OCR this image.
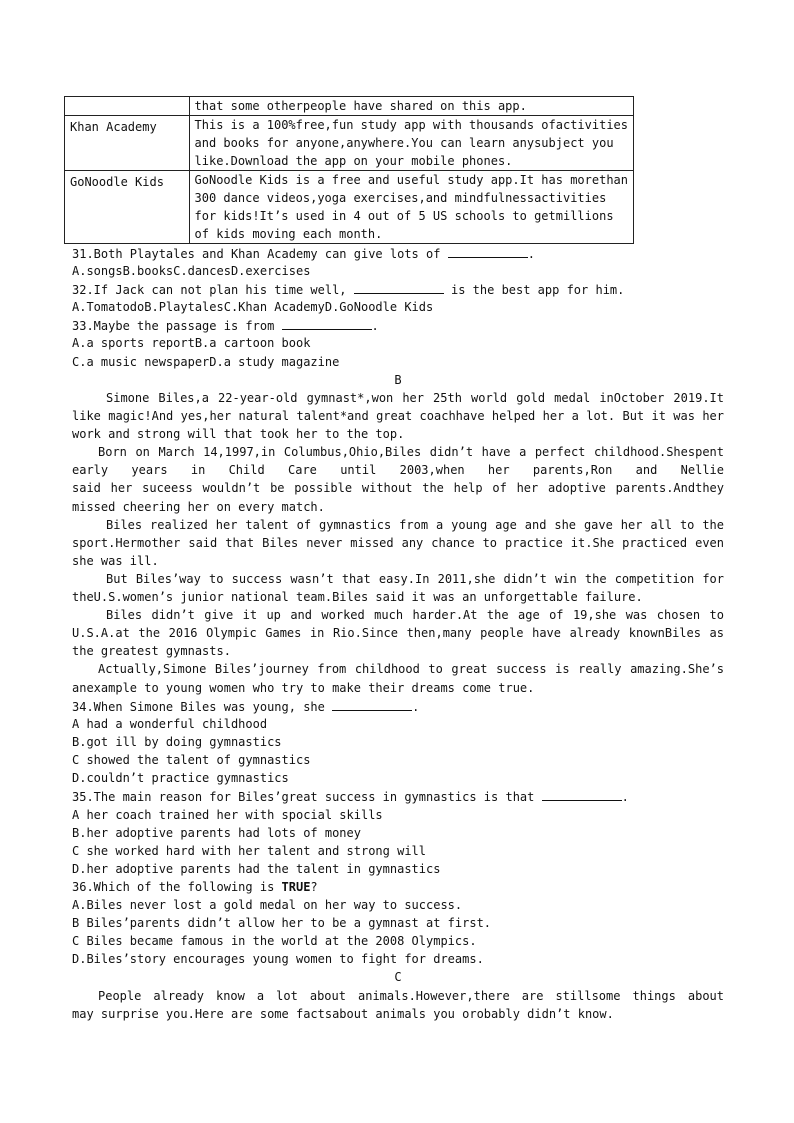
	that some otherpeople have shared on this app.

Khan Academy	This is a 100%free,fun study app with thousands ofactivities
and books for anyone,anywhere.You can learn anysubject you
like.Download the app on your mobile phones.

GoNoodle Kids	GoNoodle Kids is a free and useful study app.It has morethan
300 dance videos,yoga exercises,and mindfulnessactivities
for kids!It’s used in 4 out of 5 US schools to getmillions
of kids moving each month.
31.Both Playtales and Khan Academy can give lots of	.
A.songsB.booksC.dancesD.exercises
32.If Jack can not plan his time well,	is the best app for him.
A.TomatodoB.PlaytalesC.Khan AcademyD.GoNoodle Kids
33.Maybe the passage is from	.
A.a sports reportB.a cartoon book
C.a music newspaperD.a study magazine
B
Simone Biles,a 22-year-old gymnast*,won her 25th world gold medal inOctober 2019.It
like magic!And yes,her natural talent*and great coachhave helped her a lot. But it was her
work and strong will that took her to the top.
Born on March 14,1997,in Columbus,Ohio,Biles didn’t have a perfect childhood.Shespent
early years in Child Care until 2003,when her parents,Ron and Nellie
said her suceess wouldn’t be possible without the help of her adoptive parents.Andthey
missed cheering her on every match.
Biles realized her talent of gymnastics from a young age and she gave her all to the
sport.Hermother said that Biles never missed any chance to practice it.She practiced even
she was ill.
But Biles’way to success wasn’t that easy.In 2011,she didn’t win the competition for
theU.S.women’s junior national team.Biles said it was an unforgettable failure.
Biles didn’t give it up and worked much harder.At the age of 19,she was chosen to
U.S.A.at the 2016 Olympic Games in Rio.Since then,many people have already knownBiles as
the greatest gymnasts.
Actually,Simone Biles’journey from childhood to great success is really amazing.She’s
anexample to young women who try to make their dreams come true.
34.When Simone Biles was young, she	.
A had a wonderful childhood
B.got ill by doing gymnastics
C showed the talent of gymnastics
D.couldn’t practice gymnastics
35.The main reason for Biles’great success in gymnastics is that	.
A her coach trained her with spocial skills
B.her adoptive parents had lots of money
C she worked hard with her talent and strong will
D.her adoptive parents had the talent in gymnastics
36.Which of the following is TRUE?
A.Biles never lost a gold medal on her way to success.
B Biles’parents didn’t allow her to be a gymnast at first.
C Biles became famous in the world at the 2008 Olympics.
D.Biles’story encourages young women to fight for dreams.
C
People already know a lot about animals.However,there are stillsome things about
may surprise you.Here are some factsabout animals you orobably didn’t know.
